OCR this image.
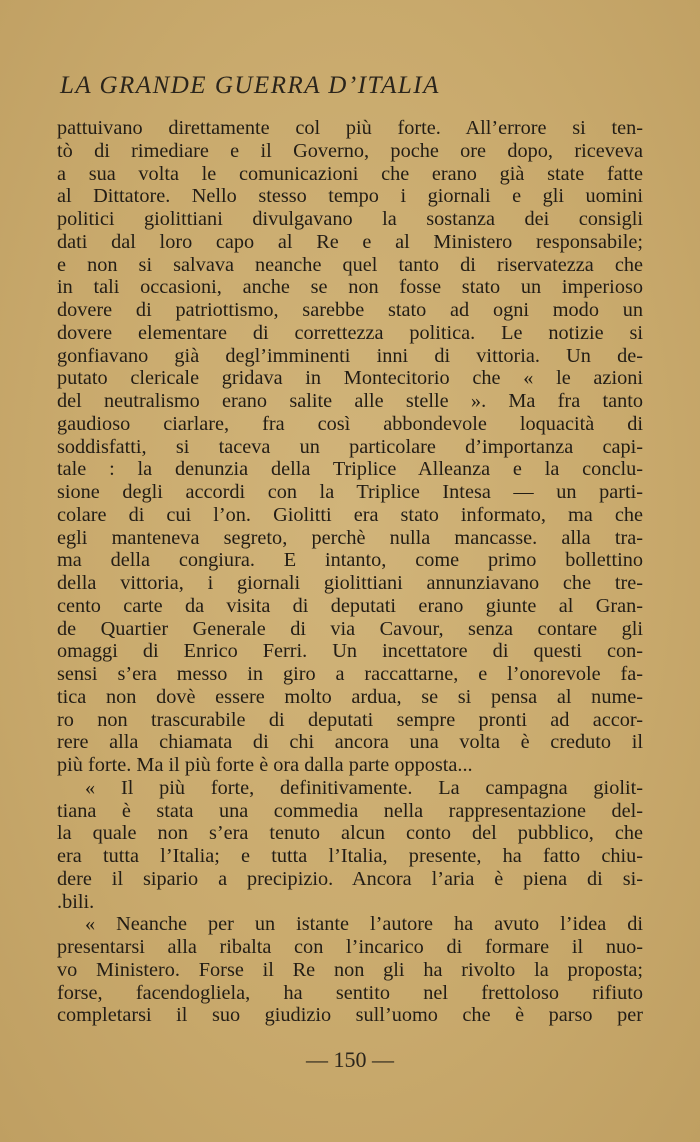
LA GRANDE GUERRA D’ITALIA
pattuivano direttamente col più forte. All’errore si ten-
tò di rimediare e il Governo, poche ore dopo, riceveva
a sua volta le comunicazioni che erano già state fatte
al Dittatore. Nello stesso tempo i giornali e gli uomini
politici giolittiani divulgavano la sostanza dei consigli
dati dal loro capo al Re e al Ministero responsabile;
e non si salvava neanche quel tanto di riservatezza che
in tali occasioni, anche se non fosse stato un imperioso
dovere di patriottismo, sarebbe stato ad ogni modo un
dovere elementare di correttezza politica. Le notizie si
gonfiavano già degl’imminenti inni di vittoria. Un de-
putato clericale gridava in Montecitorio che « le azioni
del neutralismo erano salite alle stelle ». Ma fra tanto
gaudioso ciarlare, fra così abbondevole loquacità di
soddisfatti, si taceva un particolare d’importanza capi-
tale : la denunzia della Triplice Alleanza e la conclu-
sione degli accordi con la Triplice Intesa — un parti-
colare di cui l’on. Giolitti era stato informato, ma che
egli manteneva segreto, perchè nulla mancasse. alla tra-
ma della congiura. E intanto, come primo bollettino
della vittoria, i giornali giolittiani annunziavano che tre-
cento carte da visita di deputati erano giunte al Gran-
de Quartier Generale di via Cavour, senza contare gli
omaggi di Enrico Ferri. Un incettatore di questi con-
sensi s’era messo in giro a raccattarne, e l’onorevole fa-
tica non dovè essere molto ardua, se si pensa al nume-
ro non trascurabile di deputati sempre pronti ad accor-
rere alla chiamata di chi ancora una volta è creduto il
più forte. Ma il più forte è ora dalla parte opposta...
« Il più forte, definitivamente. La campagna giolit-
tiana è stata una commedia nella rappresentazione del-
la quale non s’era tenuto alcun conto del pubblico, che
era tutta l’Italia; e tutta l’Italia, presente, ha fatto chiu-
dere il sipario a precipizio. Ancora l’aria è piena di si-
.bili.
« Neanche per un istante l’autore ha avuto l’idea di
presentarsi alla ribalta con l’incarico di formare il nuo-
vo Ministero. Forse il Re non gli ha rivolto la proposta;
forse, facendogliela, ha sentito nel frettoloso rifiuto
completarsi il suo giudizio sull’uomo che è parso per
— 150 —
